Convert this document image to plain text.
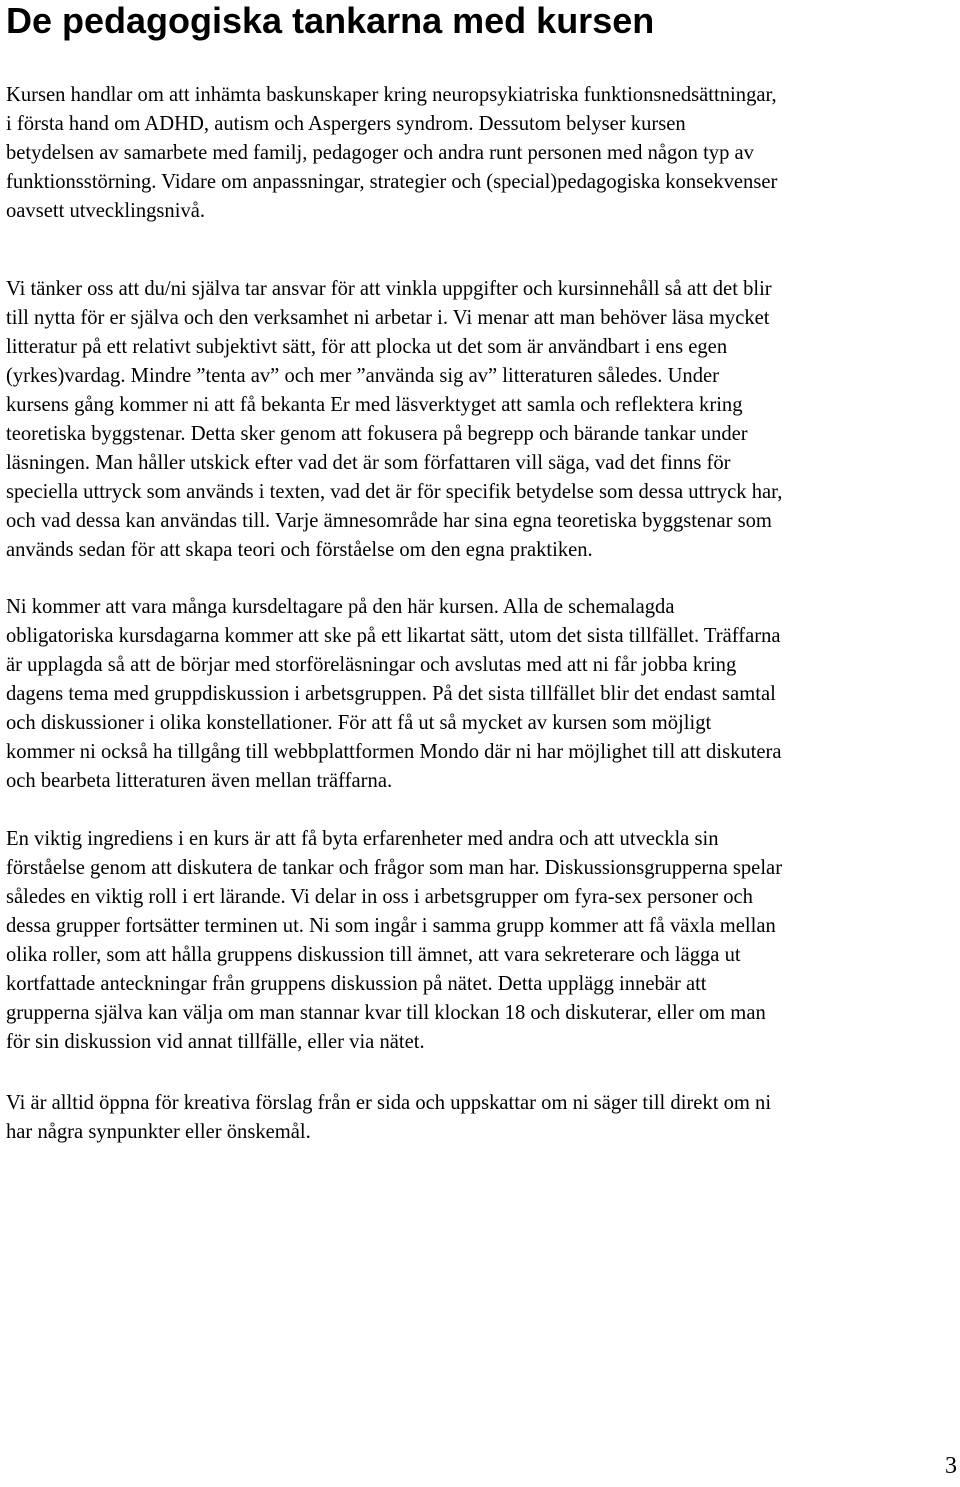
De pedagogiska tankarna med kursen

Kursen handlar om att inhämta baskunskaper kring neuropsykiatriska funktionsnedsättningar,
i första hand om ADHD, autism och Aspergers syndrom. Dessutom belyser kursen
betydelsen av samarbete med familj, pedagoger och andra runt personen med någon typ av
funktionsstörning. Vidare om anpassningar, strategier och (special)pedagogiska konsekvenser
oavsett utvecklingsnivå.

Vi tänker oss att du/ni själva tar ansvar för att vinkla uppgifter och kursinnehåll så att det blir
till nytta för er själva och den verksamhet ni arbetar i. Vi menar att man behöver läsa mycket
litteratur på ett relativt subjektivt sätt, för att plocka ut det som är användbart i ens egen
(yrkes)vardag. Mindre ”tenta av” och mer ”använda sig av” litteraturen således. Under
kursens gång kommer ni att få bekanta Er med läsverktyget att samla och reflektera kring
teoretiska byggstenar. Detta sker genom att fokusera på begrepp och bärande tankar under
läsningen. Man håller utskick efter vad det är som författaren vill säga, vad det finns för
speciella uttryck som används i texten, vad det är för specifik betydelse som dessa uttryck har,
och vad dessa kan användas till. Varje ämnesområde har sina egna teoretiska byggstenar som
används sedan för att skapa teori och förståelse om den egna praktiken.

Ni kommer att vara många kursdeltagare på den här kursen. Alla de schemalagda
obligatoriska kursdagarna kommer att ske på ett likartat sätt, utom det sista tillfället. Träffarna
är upplagda så att de börjar med storföreläsningar och avslutas med att ni får jobba kring
dagens tema med gruppdiskussion i arbetsgruppen. På det sista tillfället blir det endast samtal
och diskussioner i olika konstellationer. För att få ut så mycket av kursen som möjligt
kommer ni också ha tillgång till webbplattformen Mondo där ni har möjlighet till att diskutera
och bearbeta litteraturen även mellan träffarna.

En viktig ingrediens i en kurs är att få byta erfarenheter med andra och att utveckla sin
förståelse genom att diskutera de tankar och frågor som man har. Diskussionsgrupperna spelar
således en viktig roll i ert lärande. Vi delar in oss i arbetsgrupper om fyra-sex personer och
dessa grupper fortsätter terminen ut. Ni som ingår i samma grupp kommer att få växla mellan
olika roller, som att hålla gruppens diskussion till ämnet, att vara sekreterare och lägga ut
kortfattade anteckningar från gruppens diskussion på nätet. Detta upplägg innebär att
grupperna själva kan välja om man stannar kvar till klockan 18 och diskuterar, eller om man
för sin diskussion vid annat tillfälle, eller via nätet.

Vi är alltid öppna för kreativa förslag från er sida och uppskattar om ni säger till direkt om ni
har några synpunkter eller önskemål.

3
